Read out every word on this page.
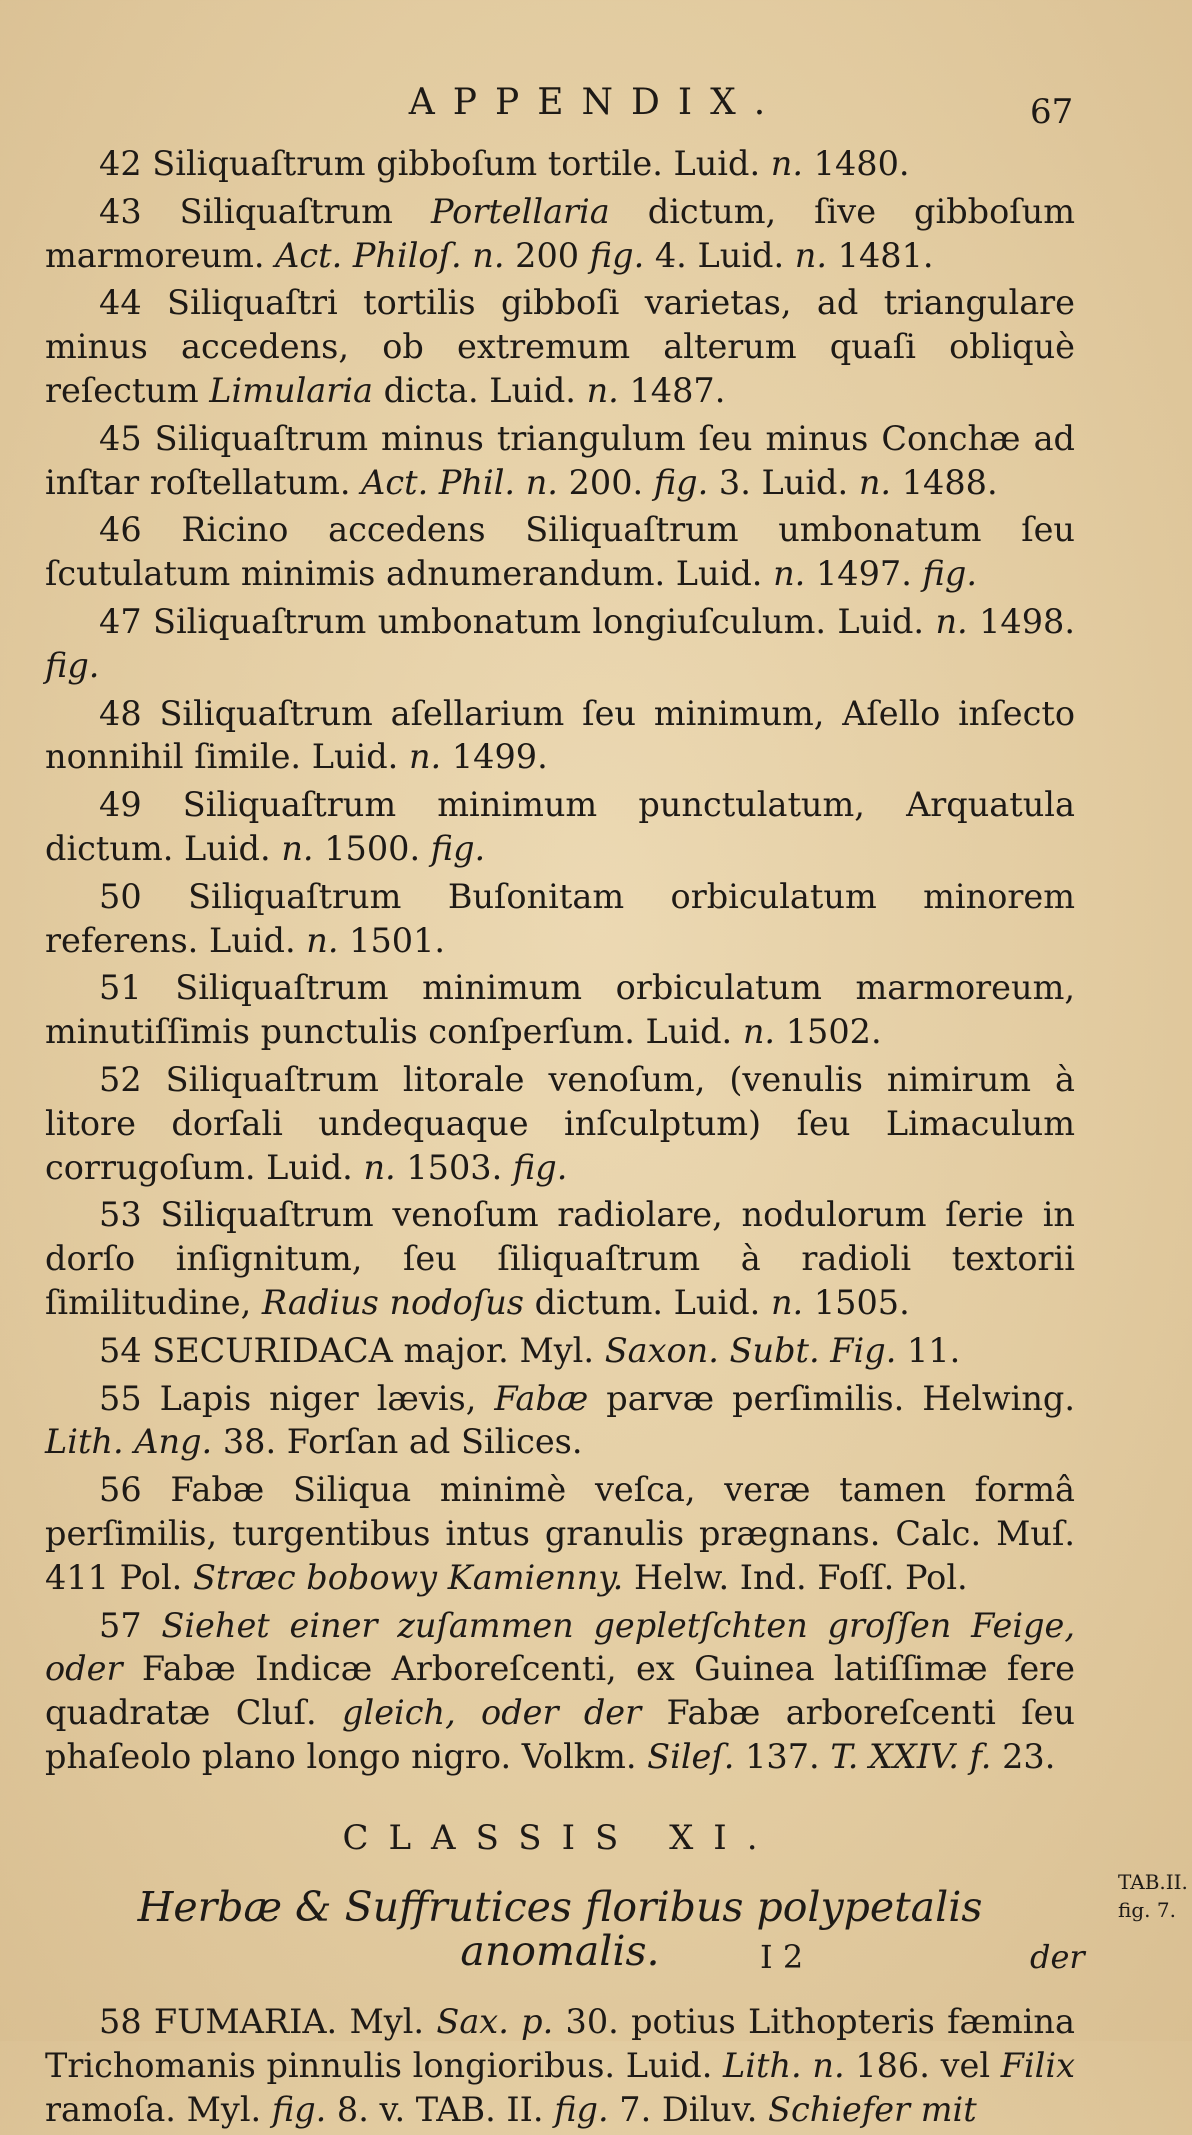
APPENDIX.	67

42 Siliquaſtrum gibboſum tortile. Luid. n. 1480.

43 Siliquaſtrum Portellaria dictum, ſive gibboſum marmoreum. Act. Philoſ. n. 200 fig. 4. Luid. n. 1481.

44 Siliquaſtri tortilis gibboſi varietas, ad triangulare minus accedens, ob extremum alterum quaſi obliquè reſectum Limularia dicta. Luid. n. 1487.

45 Siliquaſtrum minus triangulum ſeu minus Conchæ ad inſtar roſtellatum. Act. Phil. n. 200. fig. 3. Luid. n. 1488.

46 Ricino accedens Siliquaſtrum umbonatum ſeu ſcutulatum minimis adnumerandum. Luid. n. 1497. fig.

47 Siliquaſtrum umbonatum longiuſculum. Luid. n. 1498. fig.

48 Siliquaſtrum aſellarium ſeu minimum, Aſello inſecto nonnihil ſimile. Luid. n. 1499.

49 Siliquaſtrum minimum punctulatum, Arquatula dictum. Luid. n. 1500. fig.

50 Siliquaſtrum Buſonitam orbiculatum minorem referens. Luid. n. 1501.

51 Siliquaſtrum minimum orbiculatum marmoreum, minutiſſimis punctulis conſperſum. Luid. n. 1502.

52 Siliquaſtrum litorale venoſum, (venulis nimirum à litore dorſali undequaque inſculptum) ſeu Limaculum corrugoſum. Luid. n. 1503. fig.

53 Siliquaſtrum venoſum radiolare, nodulorum ſerie in dorſo inſignitum, ſeu ſiliquaſtrum à radioli textorii ſimilitudine, Radius nodoſus dictum. Luid. n. 1505.

54 SECURIDACA major. Myl. Saxon. Subt. Fig. 11.

55 Lapis niger lævis, Fabæ parvæ perſimilis. Helwing. Lith. Ang. 38. Forſan ad Silices.

56 Fabæ Siliqua minimè veſca, veræ tamen formâ perſimilis, turgentibus intus granulis prægnans. Calc. Muſ. 411 Pol. Stræc bobowy Kamienny. Helw. Ind. Foſſ. Pol.

57 Siehet einer zuſammen gepletſchten groſſen Feige, oder Fabæ Indicæ Arboreſcenti, ex Guinea latiſſimæ fere quadratæ Cluſ. gleich, oder der Fabæ arboreſcenti ſeu phaſeolo plano longo nigro. Volkm. Sileſ. 137. T. XXIV. f. 23.

CLASSIS XI.
Herbæ & Suffrutices floribus polypetalis anomalis.

58 FUMARIA. Myl. Sax. p. 30. potius Lithopteris fæmina Trichomanis pinnulis longioribus. Luid. Lith. n. 186. vel Filix ramoſa. Myl. fig. 8. v. TAB. II. fig. 7. Diluv. Schiefer mit

TAB.II.
fig. 7.
I 2	der
